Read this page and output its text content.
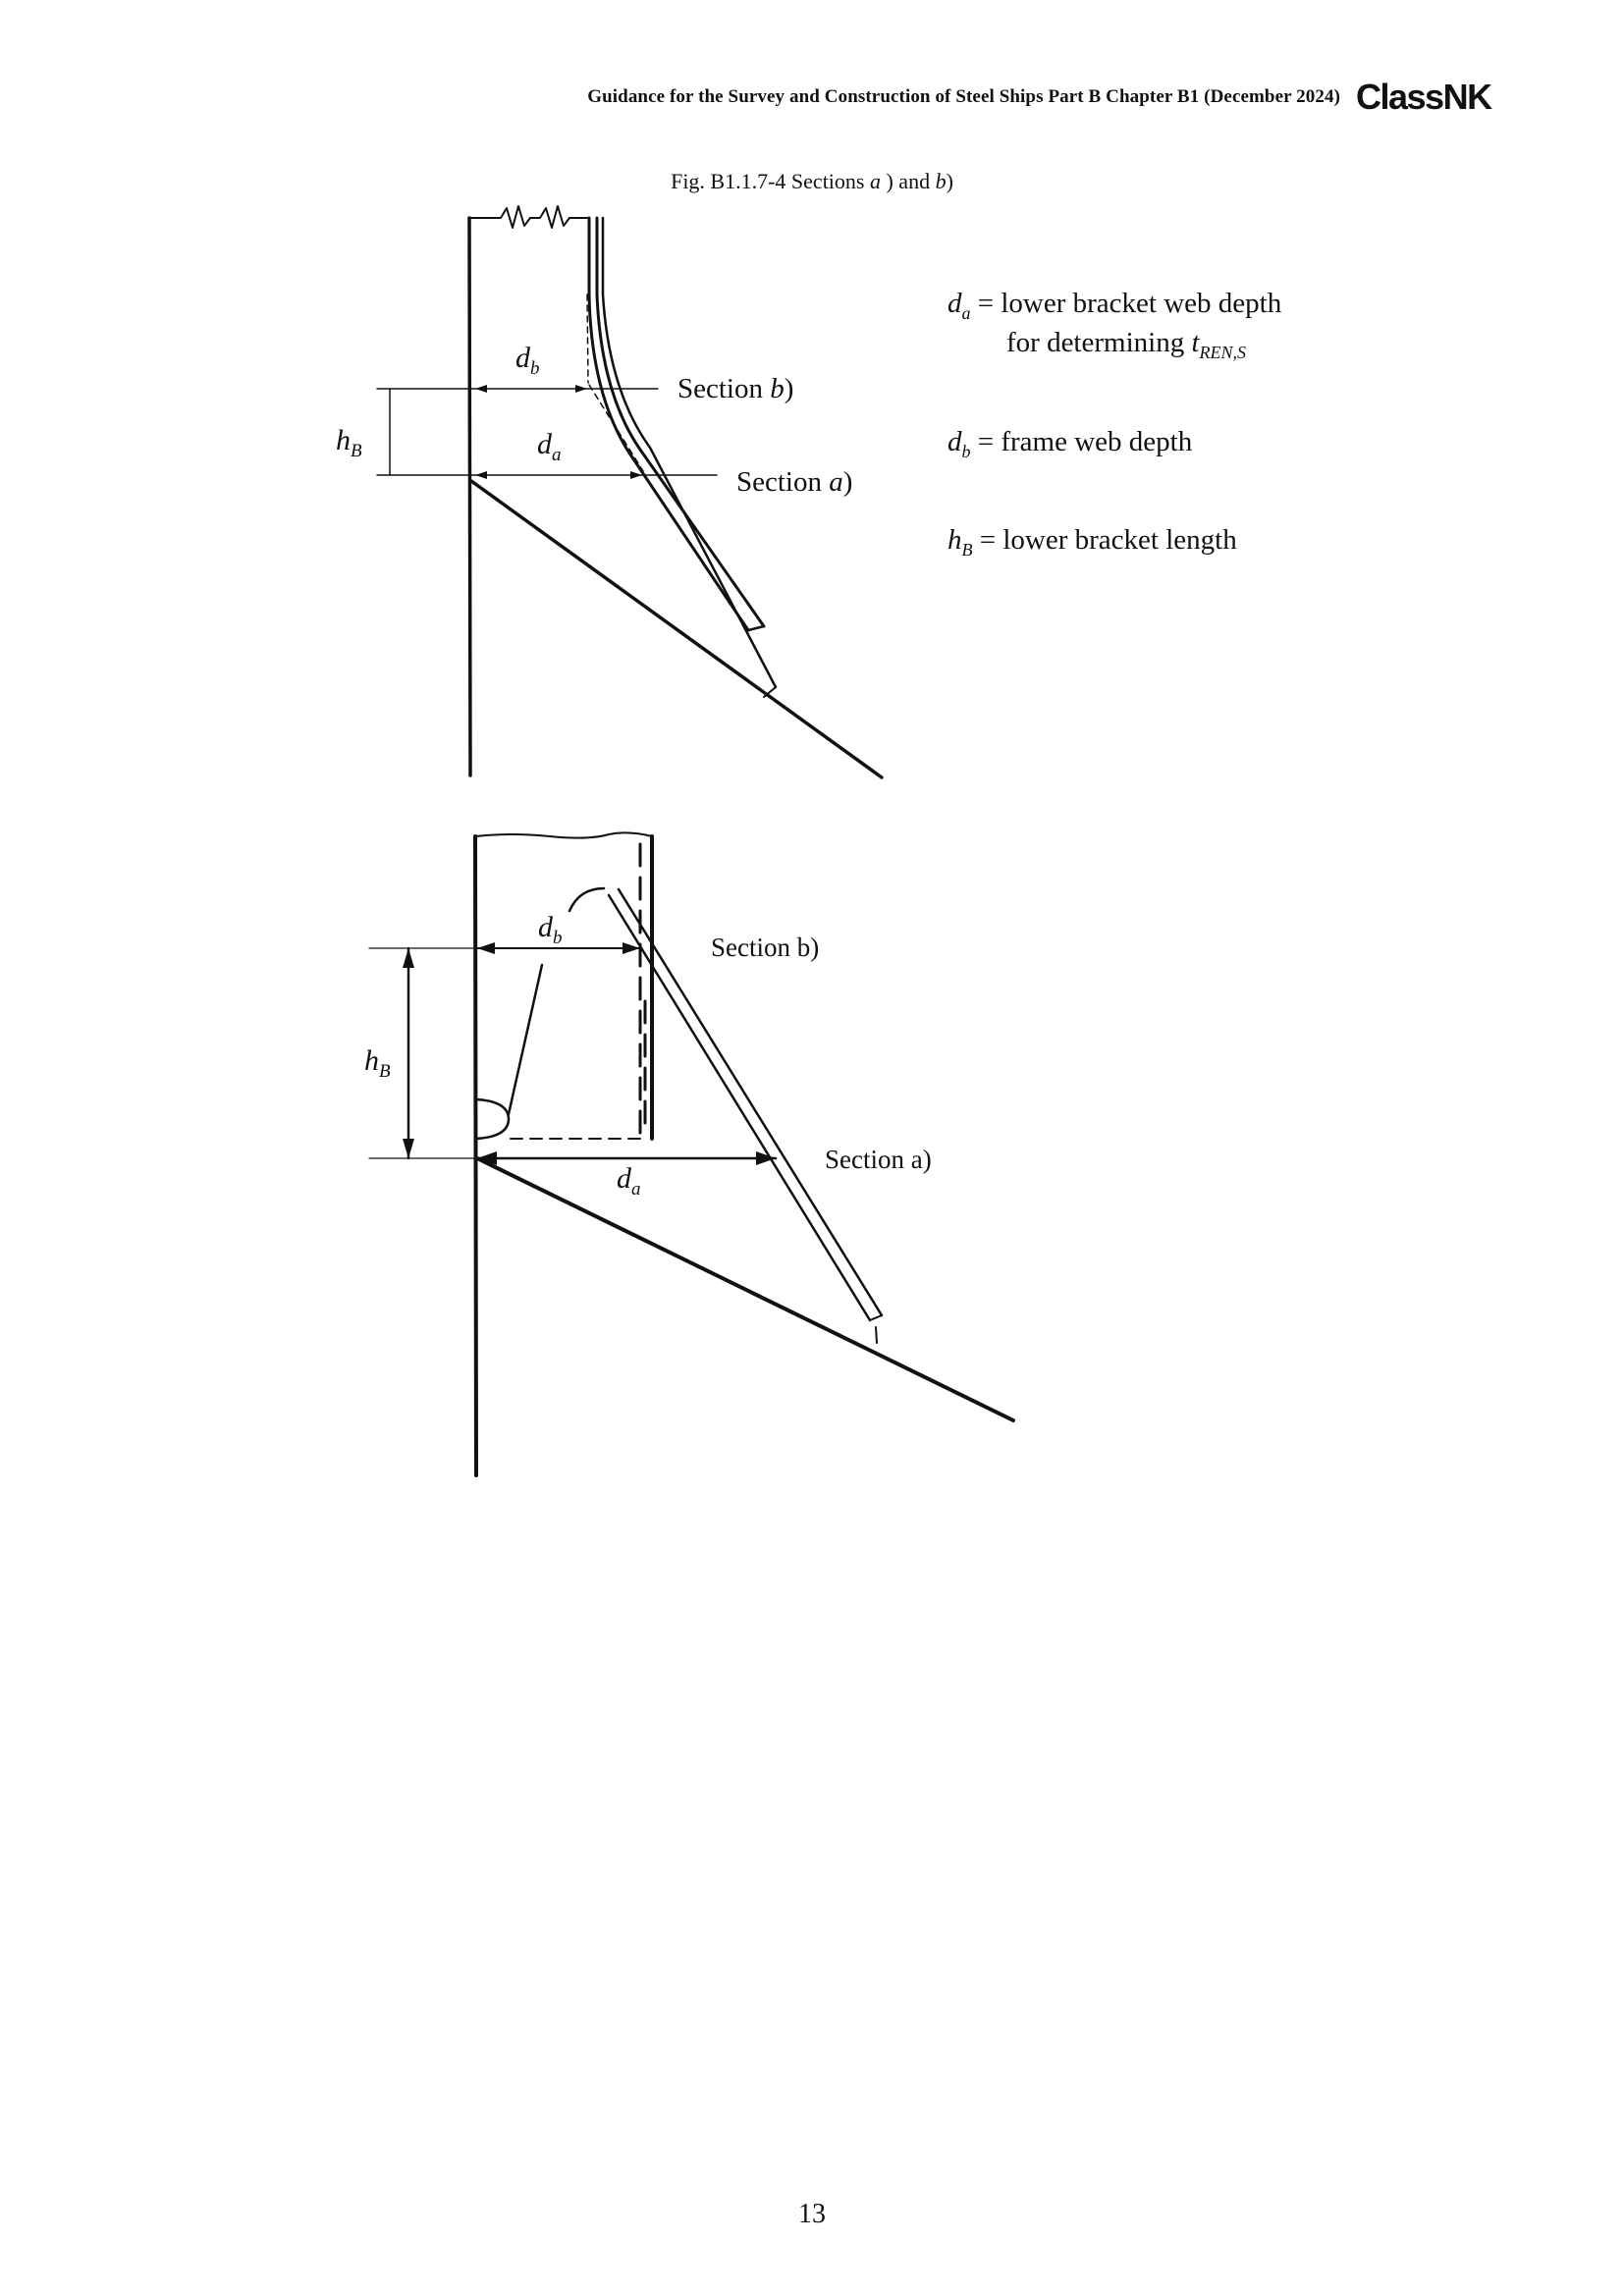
Guidance for the Survey and Construction of Steel Ships Part B Chapter B1 (December 2024) ClassNK
Fig. B1.1.7-4 Sections a ) and b)
$d_b$
$d_a$
$h_B$
Section b)
Section a)
$d_a$ = lower bracket web depth
for determining $t_{REN,S}$
$d_b$ = frame web depth
$h_B$ = lower bracket length
$d_b$
$d_a$
$h_B$
Section b)
Section a)
13
